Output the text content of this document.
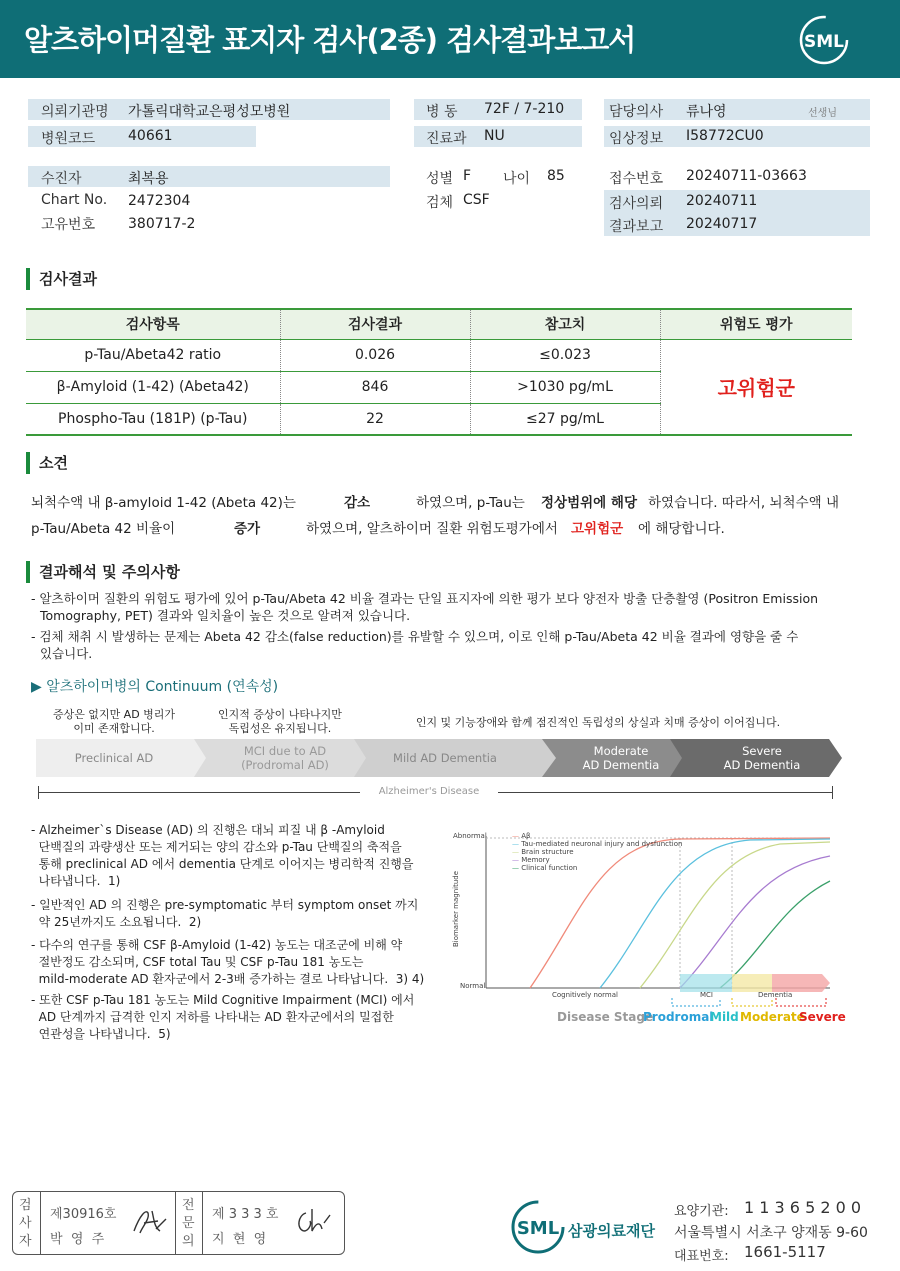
알츠하이머질환 표지자 검사(2종) 검사결과보고서	SML
의뢰기관명 가톨릭대학교은평성모병원
병원코드 40661
병 동 72F / 7-210
진료과 NU
담당의사 류나영	선생님
임상정보 I58772CU0
수진자	최복용
Chart No. 2472304
고유번호 380717-2
성별 F 나이 85
검체 CSF
접수번호 20240711-03663
검사의뢰 20240711
결과보고 20240717
검사결과
검사항목	검사결과	참고치	위험도 평가
p-Tau/Abeta42 ratio	0.026	≤0.023	고위험군
β-Amyloid (1-42) (Abeta42)	846	>1030 pg/mL	
Phospho-Tau (181P) (p-Tau)	22	≤27 pg/mL	
소견
뇌척수액 내 β-amyloid 1-42 (Abeta 42)는	감소	하였으며, p-Tau는 정상범위에 해당 하였습니다. 따라서, 뇌척수액 내
p-Tau/Abeta 42 비율이	증가	하였으며, 알츠하이머 질환 위험도평가에서 고위험군 에 해당합니다.
결과해석 및 주의사항
- 알츠하이머 질환의 위험도 평가에 있어 p-Tau/Abeta 42 비율 결과는 단일 표지자에 의한 평가 보다 양전자 방출 단층촬영 (Positron Emission
Tomography, PET) 결과와 일치율이 높은 것으로 알려져 있습니다.
- 검체 채취 시 발생하는 문제는 Abeta 42 감소(false reduction)를 유발할 수 있으며, 이로 인해 p-Tau/Abeta 42 비율 결과에 영향을 줄 수
있습니다.
▶ 알츠하이머병의 Continuum (연속성)
증상은 없지만 AD 병리가
이미 존재합니다.
인지적 증상이 나타나지만
독립성은 유지됩니다.	인지 및 기능장애와 함께 점진적인 독립성의 상실과 치매 증상이 이어집니다.
Preclinical AD	MCI due to AD
(Prodromal AD)	Mild AD Dementia	Moderate
AD Dementia
Severe
AD Dementia
Alzheimer's Disease
- Alzheimer`s Disease (AD) 의 진행은 대뇌 피질 내 β -Amyloid
단백질의 과량생산 또는 제거되는 양의 감소와 p-Tau 단백질의 축적을
통해 preclinical AD 에서 dementia 단계로 이어지는 병리학적 진행을
나타냅니다.  1)
- 일반적인 AD 의 진행은 pre-symptomatic 부터 symptom onset 까지
약 25년까지도 소요됩니다.  2)
- 다수의 연구를 통해 CSF β-Amyloid (1-42) 농도는 대조군에 비해 약
절반정도 감소되며, CSF total Tau 및 CSF p-Tau 181 농도는
mild-moderate AD 환자군에서 2-3배 증가하는 결로 나타납니다.  3) 4)
- 또한 CSF p-Tau 181 농도는 Mild Cognitive Impairment (MCI) 에서
AD 단계까지 급격한 인지 저하를 나타내는 AD 환자군에서의 밀접한
연관성을 나타냅니다.  5)
Abnormal
Normal
Biomarker magnitude
— Aβ
— Tau-mediated neuronal injury and dysfunction
— Brain structure
— Memory
— Clinical function
Cognitively normal	MCI	Dementia
Disease Stage
Prodromal
Mild Moderate
Severe
검
사
자
제30916호
박  영  주
전
문
의
제 3 3 3 호
지  현  영
SML 삼광의료재단
요양기관: 1 1 3 6 5 2 0 0
서울특별시 서초구 양재동 9-60
대표번호: 1661-5117
